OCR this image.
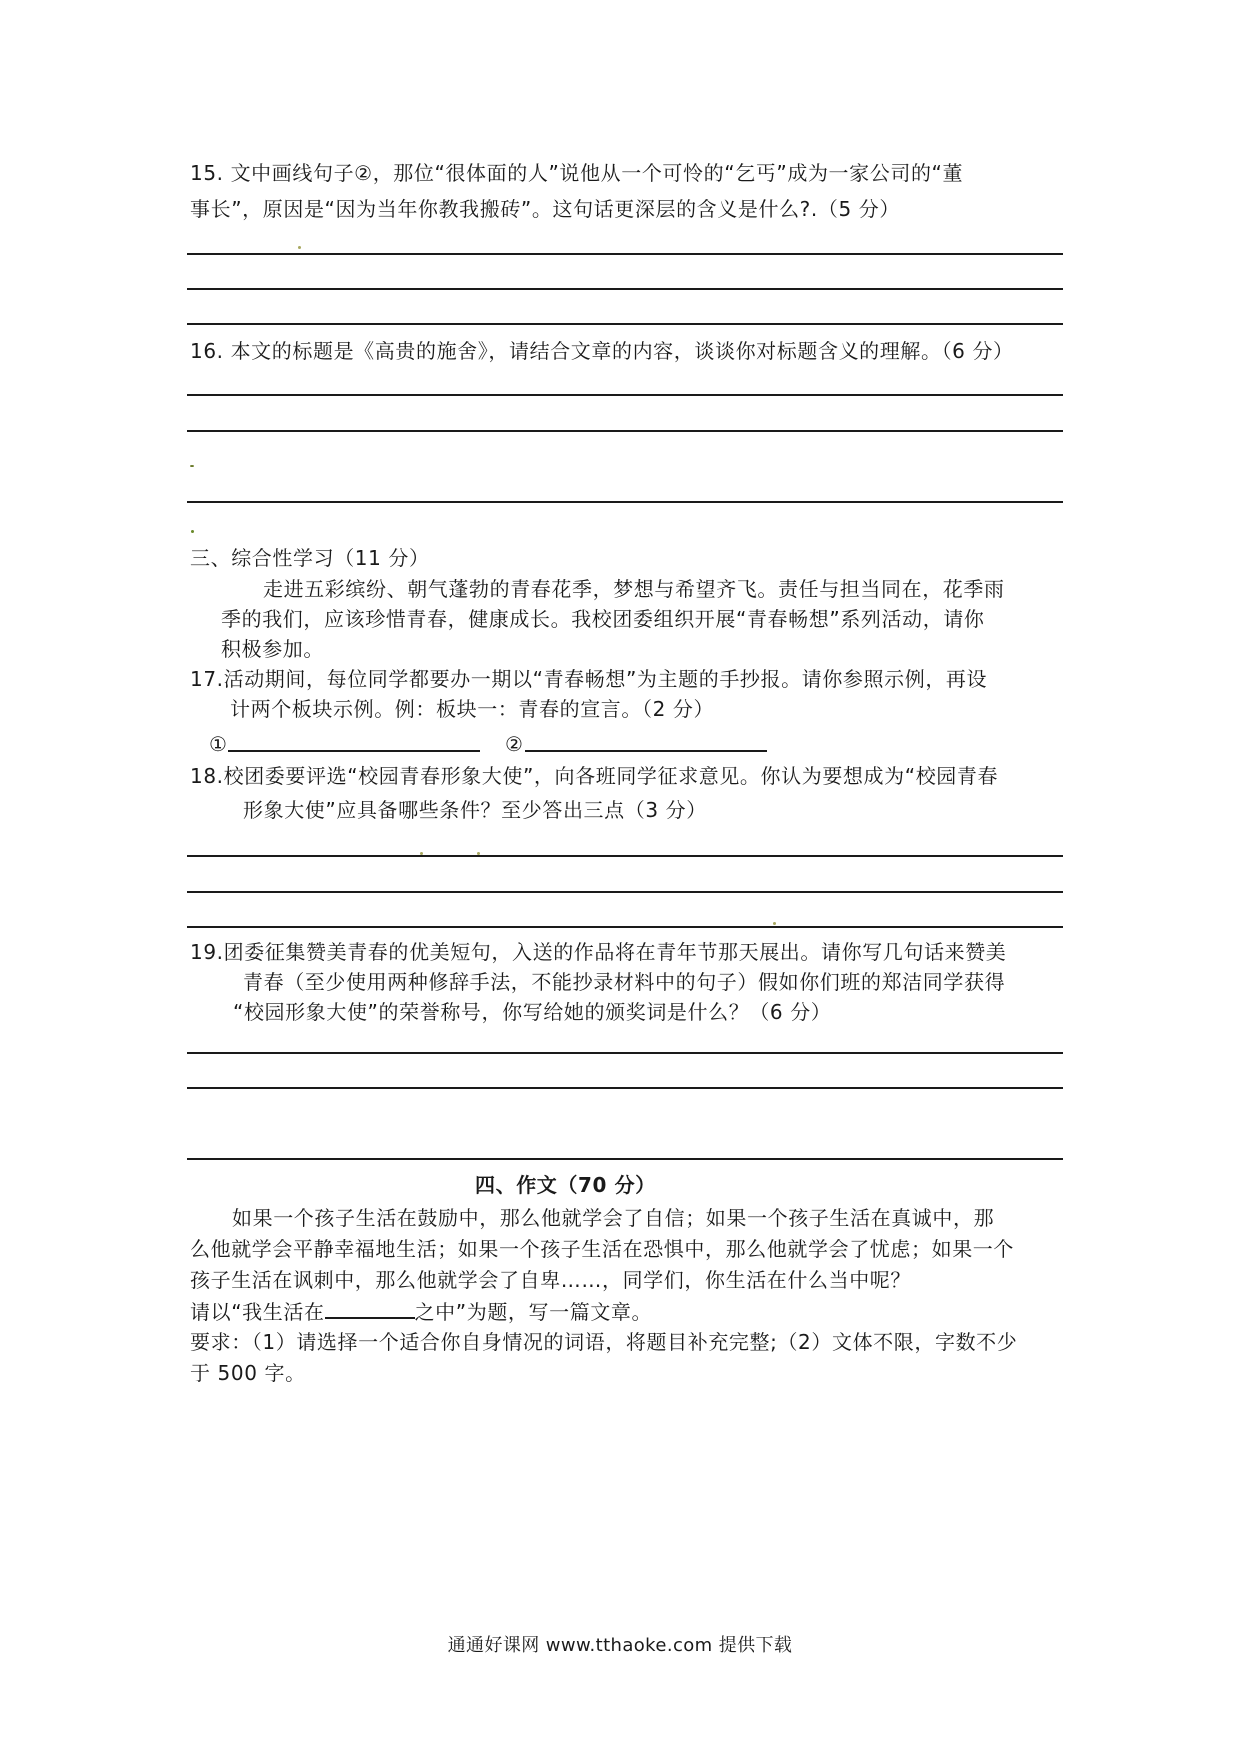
15. 文中画线句子②，那位“很体面的人”说他从一个可怜的“乞丐”成为一家公司的“董
事长”，原因是“因为当年你教我搬砖”。这句话更深层的含义是什么?.（5 分）
16. 本文的标题是《高贵的施舍》，请结合文章的内容，谈谈你对标题含义的理解。（6 分）
三、综合性学习（11 分）
走进五彩缤纷、朝气蓬勃的青春花季，梦想与希望齐飞。责任与担当同在，花季雨
季的我们，应该珍惜青春，健康成长。我校团委组织开展“青春畅想”系列活动，请你
积极参加。
17.活动期间，每位同学都要办一期以“青春畅想”为主题的手抄报。请你参照示例，再设
计两个板块示例。例：板块一：青春的宣言。（2 分）
①	②
18.校团委要评选“校园青春形象大使”，向各班同学征求意见。你认为要想成为“校园青春
形象大使”应具备哪些条件？至少答出三点（3 分）
19.团委征集赞美青春的优美短句，入送的作品将在青年节那天展出。请你写几句话来赞美
青春（至少使用两种修辞手法，不能抄录材料中的句子）假如你们班的郑洁同学获得
“校园形象大使”的荣誉称号，你写给她的颁奖词是什么？（6 分）
四、作文（70 分）
如果一个孩子生活在鼓励中，那么他就学会了自信；如果一个孩子生活在真诚中，那
么他就学会平静幸福地生活；如果一个孩子生活在恐惧中，那么他就学会了忧虑；如果一个
孩子生活在讽刺中，那么他就学会了自卑……，同学们，你生活在什么当中呢？
请以“我生活在	之中”为题，写一篇文章。
要求：（1）请选择一个适合你自身情况的词语，将题目补充完整;（2）文体不限，字数不少
于 500 字。
通通好课网 www.tthaoke.com 提供下载
